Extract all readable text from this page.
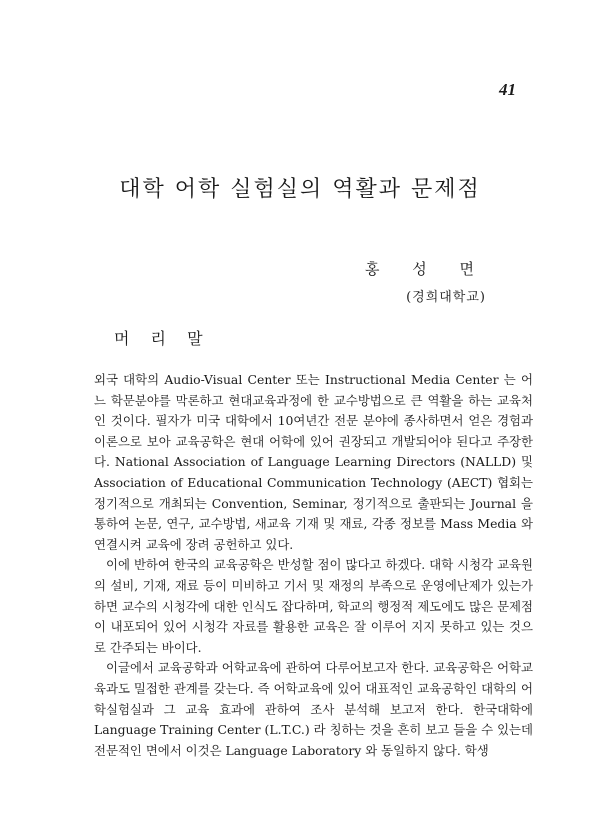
41
대학 어학 실험실의 역활과 문제점
홍 성 면
(경희대학교)
머 리 말

외국 대학의 Audio-Visual Center 또는 Instructional Media Center 는 어느 학문분야를 막론하고 현대교육과정에 한 교수방법으로 큰 역활을 하는 교육처인 것이다. 필자가 미국 대학에서 10여년간 전문 분야에 종사하면서 얻은 경험과 이론으로 보아 교육공학은 현대 어학에 있어 권장되고 개발되어야 된다고 주장한다. National Association of Language Learning Directors (NALLD) 및 Association of Educational Communication Technology (AECT) 협회는 정기적으로 개최되는 Convention, Seminar, 정기적으로 출판되는 Journal 을 통하여 논문, 연구, 교수방법, 새교육 기재 및 재료, 각종 정보를 Mass Media 와 연결시켜 교육에 장려 공헌하고 있다.

이에 반하여 한국의 교육공학은 반성할 점이 많다고 하겠다. 대학 시청각 교육원의 설비, 기재, 재료 등이 미비하고 기서 및 재정의 부족으로 운영에난제가 있는가 하면 교수의 시청각에 대한 인식도 잡다하며, 학교의 행정적 제도에도 많은 문제점이 내포되어 있어 시청각 자료를 활용한 교육은 잘 이루어 지지 못하고 있는 것으로 간주되는 바이다.

이글에서 교육공학과 어학교육에 관하여 다루어보고자 한다. 교육공학은 어학교육과도 밀접한 관계를 갖는다. 즉 어학교육에 있어 대표적인 교육공학인 대학의 어학실험실과 그 교육 효과에 관하여 조사 분석해 보고저 한다. 한국대학에 Language Training Center (L.T.C.) 라 칭하는 것을 흔히 보고 들을 수 있는데 전문적인 면에서 이것은 Language Laboratory 와 동일하지 않다. 학생
